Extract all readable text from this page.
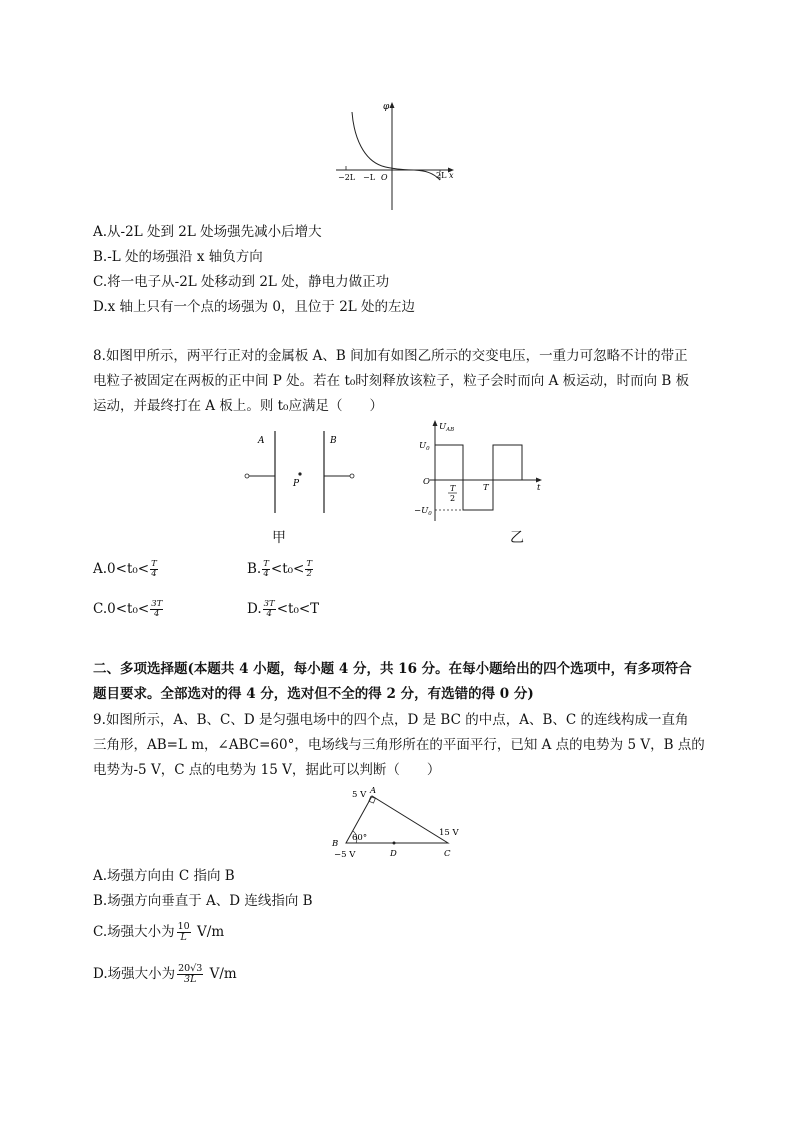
φ
−2L −L O	2L x
A.从-2L 处到 2L 处场强先减小后增大
B.-L 处的场强沿 x 轴负方向
C.将一电子从-2L 处移动到 2L 处，静电力做正功
D.x 轴上只有一个点的场强为 0，且位于 2L 处的左边
8.如图甲所示，两平行正对的金属板 A、B 间加有如图乙所示的交变电压，一重力可忽略不计的带正
电粒子被固定在两板的正中间 P 处。若在 t₀时刻释放该粒子，粒子会时而向 A 板运动，时而向 B 板
运动，并最终打在 A 板上。则 t₀应满足（　　）
A	B
P
甲
$U_{AB}$
$U_0$
O
T
2
T	t
$-U_0$
乙
$A.0<t_0< \frac{T}{4}$	B. $\frac{T}{4} <t_0< \frac{T}{2}$
$C.0<t_0< \frac{3T}{4}$	D. $\frac{3T}{4} <t_0<T$
二、多项选择题(本题共 4 小题，每小题 4 分，共 16 分。在每小题给出的四个选项中，有多项符合
题目要求。全部选对的得 4 分，选对但不全的得 2 分，有选错的得 0 分)
9.如图所示，A、B、C、D 是匀强电场中的四个点，D 是 BC 的中点，A、B、C 的连线构成一直角
三角形，AB=L m，∠ABC=60°，电场线与三角形所在的平面平行，已知 A 点的电势为 5 V，B 点的
电势为-5 V，C 点的电势为 15 V，据此可以判断（　　）
5 V A
60°	15 V
B
−5 V	D	C
A.场强方向由 C 指向 B
B.场强方向垂直于 A、D 连线指向 B
C.场强大小为 $\frac{10}{L} V/m$
D.场强大小为 $\frac{20√3}{3L} V/m$
